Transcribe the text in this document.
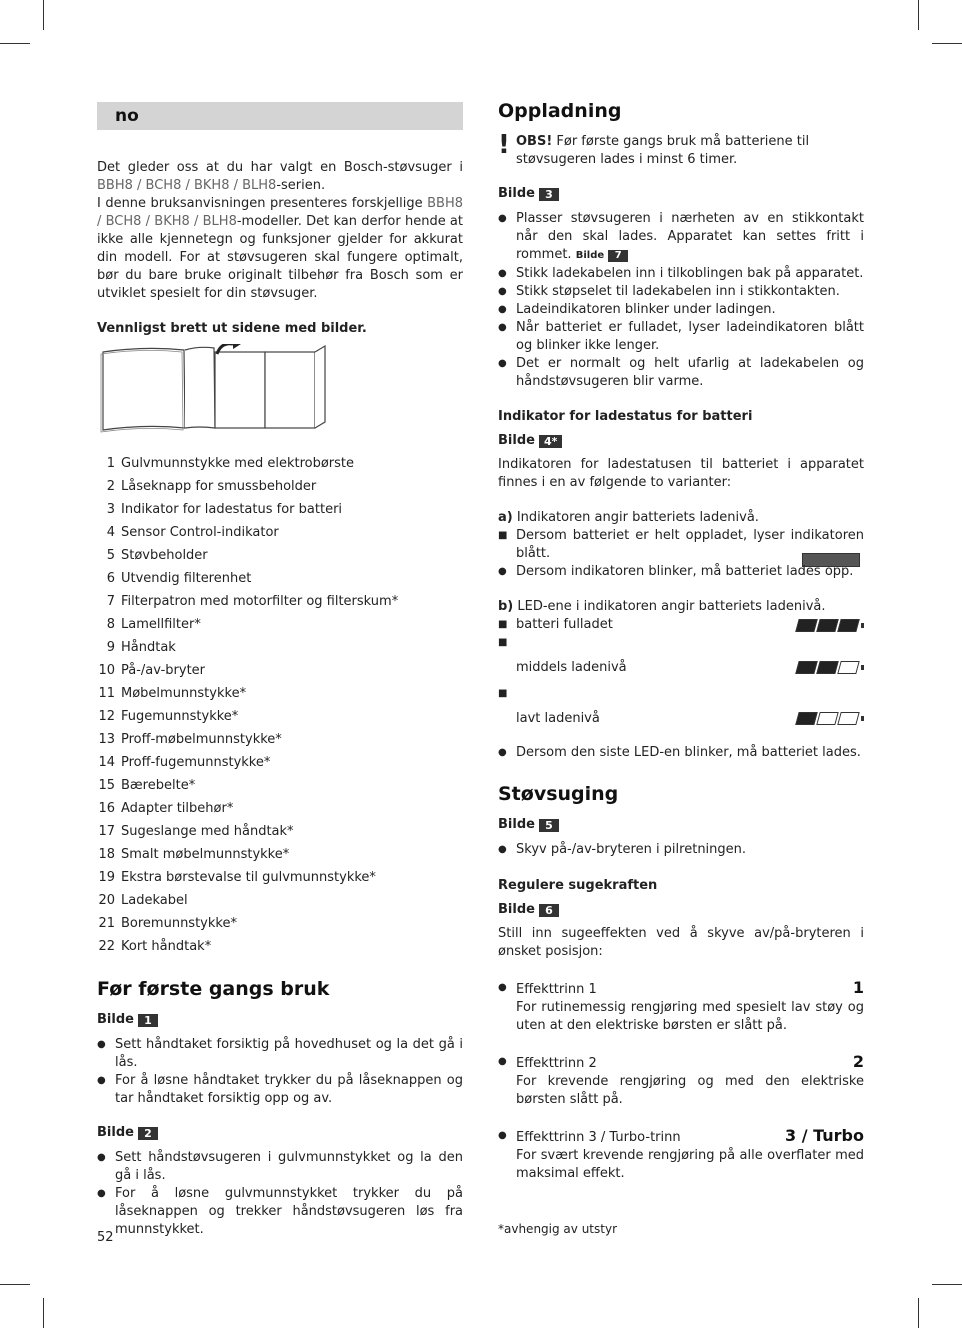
no

Det gleder oss at du har valgt en Bosch-støvsuger i BBH8 / BCH8 / BKH8 / BLH8-serien.

I denne bruksanvisningen presenteres forskjellige BBH8 / BCH8 / BKH8 / BLH8-modeller. Det kan derfor hende at ikke alle kjennetegn og funksjoner gjelder for akkurat din modell. For at støvsugeren skal fungere optimalt, bør du bare bruke originalt tilbehør fra Bosch som er utviklet spesielt for din støvsuger.

Vennligst brett ut sidene med bilder.
1 Gulvmunnstykke med elektrobørste
2 Låseknapp for smussbeholder
3 Indikator for ladestatus for batteri
4 Sensor Control-indikator
5 Støvbeholder
6 Utvendig filterenhet
7 Filterpatron med motorfilter og filterskum*
8 Lamellfilter*
9 Håndtak
10 På-/av-bryter
11 Møbelmunnstykke*
12 Fugemunnstykke*
13 Proff-møbelmunnstykke*
14 Proff-fugemunnstykke*
15 Bærebelte*
16 Adapter tilbehør*
17 Sugeslange med håndtak*
18 Smalt møbelmunnstykke*
19 Ekstra børstevalse til gulvmunnstykke*
20 Ladekabel
21 Boremunnstykke*
22 Kort håndtak*
Før første gangs bruk
Bilde 1
● Sett håndtaket forsiktig på hovedhuset og la det gå i lås.
● For å løsne håndtaket trykker du på låseknappen og tar håndtaket forsiktig opp og av.
Bilde 2
● Sett håndstøvsugeren i gulvmunnstykket og la den gå i lås.
● For å løsne gulvmunnstykket trykker du på låseknappen og trekker håndstøvsugeren løs fra munnstykket.
52
Oppladning
! OBS! Før første gangs bruk må batteriene til støvsugeren lades i minst 6 timer.
Bilde 3
● Plasser støvsugeren i nærheten av en stikkontakt når den skal lades. Apparatet kan settes fritt i rommet. Bilde 7
● Stikk ladekabelen inn i tilkoblingen bak på apparatet.
● Stikk støpselet til ladekabelen inn i stikkontakten.
● Ladeindikatoren blinker under ladingen.
● Når batteriet er fulladet, lyser ladeindikatoren blått og blinker ikke lenger.
● Det er normalt og helt ufarlig at ladekabelen og håndstøvsugeren blir varme.
Indikator for ladestatus for batteri
Bilde 4*

Indikatoren for ladestatusen til batteriet i apparatet finnes i en av følgende to varianter:

a) Indikatoren angir batteriets ladenivå.
■ Dersom batteriet er helt oppladet, lyser indikatoren blått.
● Dersom indikatoren blinker, må batteriet lades opp.
b) LED-ene i indikatoren angir batteriets ladenivå.
■ batteri fulladet
■ middels ladenivå
■ lavt ladenivå
● Dersom den siste LED-en blinker, må batteriet lades.
Støvsuging
Bilde 5
● Skyv på-/av-bryteren i pilretningen.
Regulere sugekraften
Bilde 6

Still inn sugeeffekten ved å skyve av/på-bryteren i ønsket posisjon:

● Effekttrinn 1	1
For rutinemessig rengjøring med spesielt lav støy og uten at den elektriske børsten er slått på.
● Effekttrinn 2	2
For krevende rengjøring og med den elektriske børsten slått på.
● Effekttrinn 3 / Turbo-trinn	3 / Turbo
For svært krevende rengjøring på alle overflater med maksimal effekt.
*avhengig av utstyr
